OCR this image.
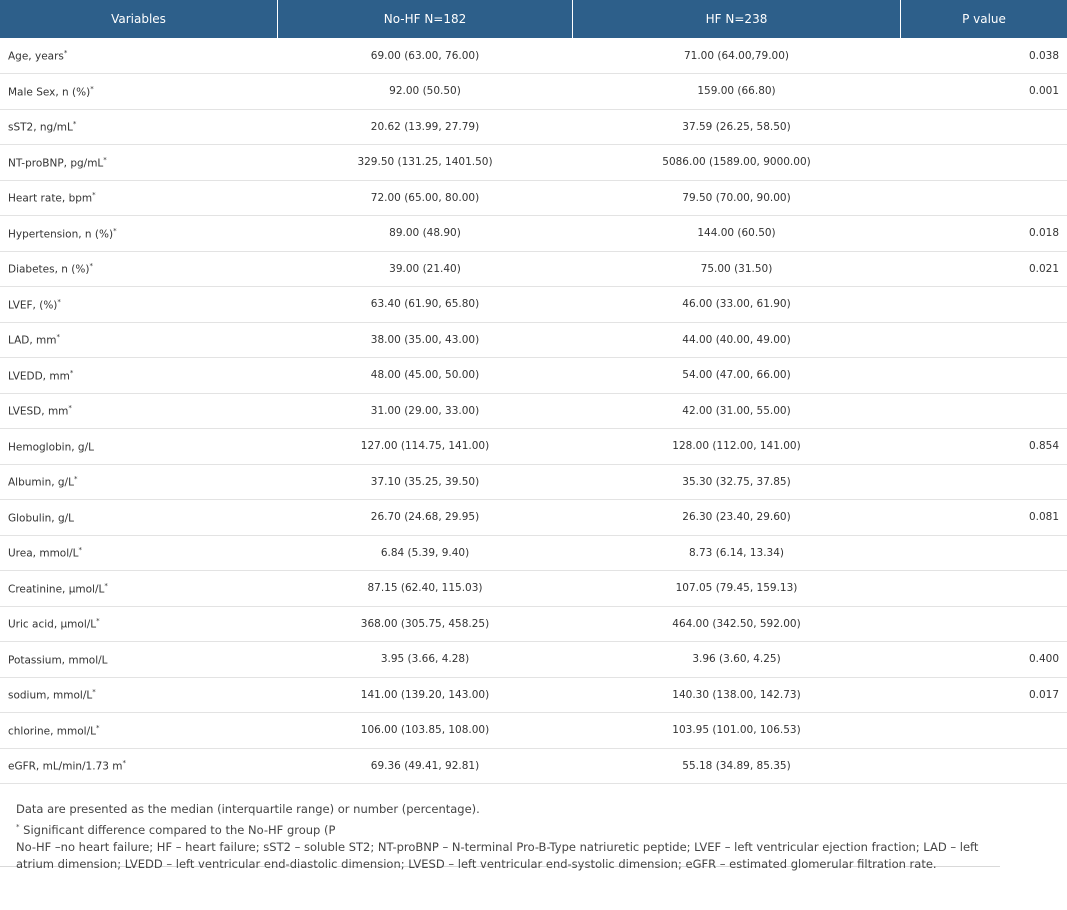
Variables	No-HF N=182	HF N=238	P value
Age, years*	69.00 (63.00, 76.00)	71.00 (64.00,79.00)	0.038
Male Sex, n (%)*	92.00 (50.50)	159.00 (66.80)	0.001
sST2, ng/mL*	20.62 (13.99, 27.79)	37.59 (26.25, 58.50)	
NT-proBNP, pg/mL*	329.50 (131.25, 1401.50)	5086.00 (1589.00, 9000.00)	
Heart rate, bpm*	72.00 (65.00, 80.00)	79.50 (70.00, 90.00)	
Hypertension, n (%)*	89.00 (48.90)	144.00 (60.50)	0.018
Diabetes, n (%)*	39.00 (21.40)	75.00 (31.50)	0.021
LVEF, (%)*	63.40 (61.90, 65.80)	46.00 (33.00, 61.90)	
LAD, mm*	38.00 (35.00, 43.00)	44.00 (40.00, 49.00)	
LVEDD, mm*	48.00 (45.00, 50.00)	54.00 (47.00, 66.00)	
LVESD, mm*	31.00 (29.00, 33.00)	42.00 (31.00, 55.00)	
Hemoglobin, g/L	127.00 (114.75, 141.00)	128.00 (112.00, 141.00)	0.854
Albumin, g/L*	37.10 (35.25, 39.50)	35.30 (32.75, 37.85)	
Globulin, g/L	26.70 (24.68, 29.95)	26.30 (23.40, 29.60)	0.081
Urea, mmol/L*	6.84 (5.39, 9.40)	8.73 (6.14, 13.34)	
Creatinine, µmol/L*	87.15 (62.40, 115.03)	107.05 (79.45, 159.13)	
Uric acid, µmol/L*	368.00 (305.75, 458.25)	464.00 (342.50, 592.00)	
Potassium, mmol/L	3.95 (3.66, 4.28)	3.96 (3.60, 4.25)	0.400
sodium, mmol/L*	141.00 (139.20, 143.00)	140.30 (138.00, 142.73)	0.017
chlorine, mmol/L*	106.00 (103.85, 108.00)	103.95 (101.00, 106.53)	
eGFR, mL/min/1.73 m*	69.36 (49.41, 92.81)	55.18 (34.89, 85.35)	

Data are presented as the median (interquartile range) or number (percentage).

* Significant difference compared to the No-HF group (P

No-HF –no heart failure; HF – heart failure; sST2 – soluble ST2; NT-proBNP – N-terminal Pro-B-Type natriuretic peptide; LVEF – left ventricular ejection fraction; LAD – left atrium dimension; LVEDD – left ventricular end-diastolic dimension; LVESD – left ventricular end-systolic dimension; eGFR – estimated glomerular filtration rate.
